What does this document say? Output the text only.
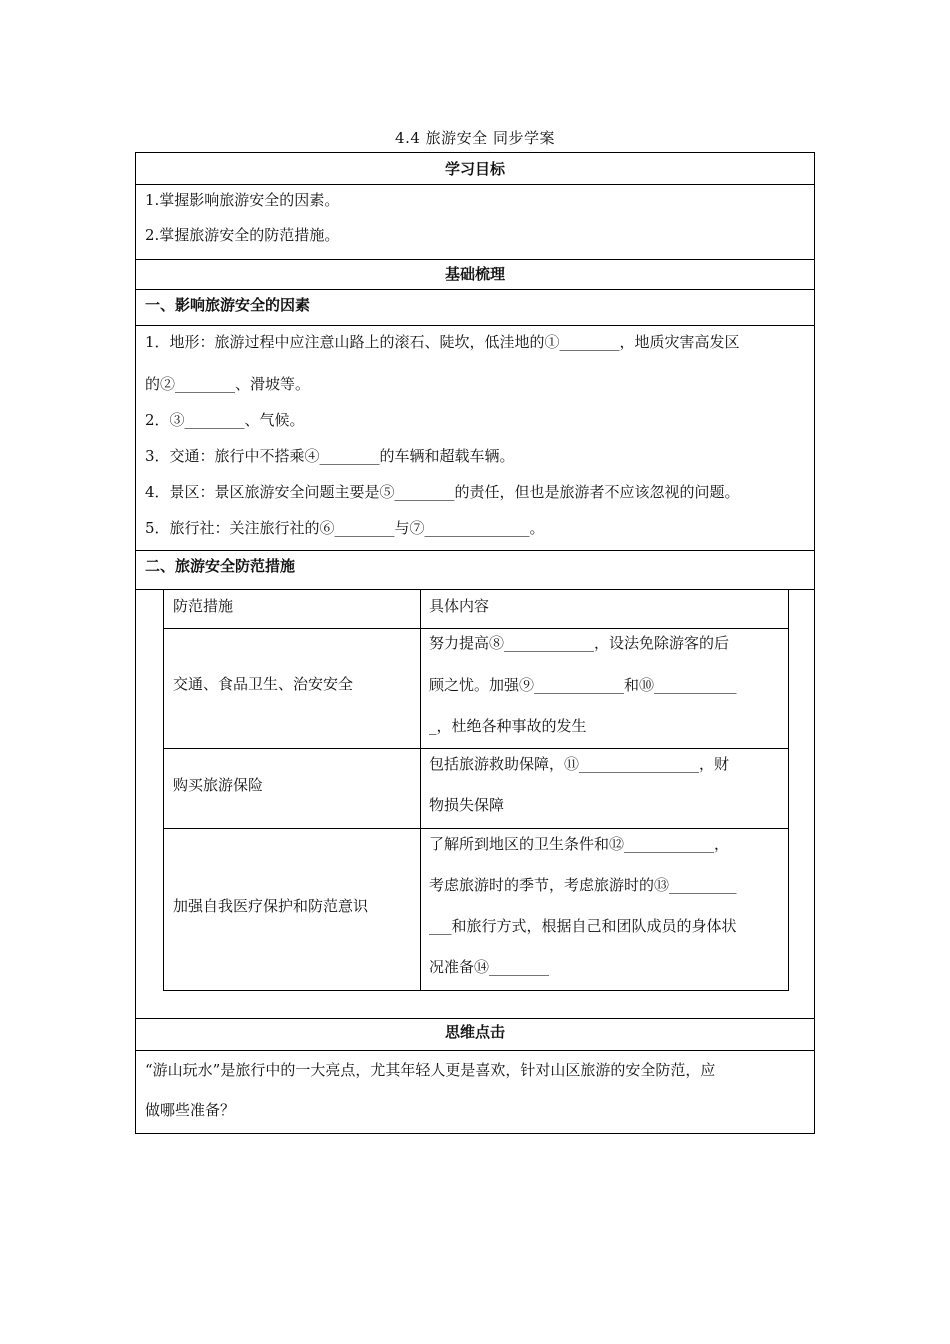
4.4 旅游安全 同步学案
学习目标
1.掌握影响旅游安全的因素。
2.掌握旅游安全的防范措施。
基础梳理
一、影响旅游安全的因素
1．地形：旅游过程中应注意山路上的滚石、陡坎，低洼地的①________，地质灾害高发区
的②________、滑坡等。
2．③________、气候。
3．交通：旅行中不搭乘④________的车辆和超载车辆。
4．景区：景区旅游安全问题主要是⑤________的责任，但也是旅游者不应该忽视的问题。
5．旅行社：关注旅行社的⑥________与⑦______________。
二、旅游安全防范措施
防范措施	具体内容
交通、食品卫生、治安安全
努力提高⑧____________，设法免除游客的后
顾之忧。加强⑨____________和⑩___________
_，杜绝各种事故的发生
购买旅游保险
包括旅游救助保障，⑪________________，财
物损失保障
加强自我医疗保护和防范意识
了解所到地区的卫生条件和⑫____________，
考虑旅游时的季节，考虑旅游时的⑬_________
___和旅行方式，根据自己和团队成员的身体状
况准备⑭________
思维点击
“游山玩水”是旅行中的一大亮点，尤其年轻人更是喜欢，针对山区旅游的安全防范，应
做哪些准备？
